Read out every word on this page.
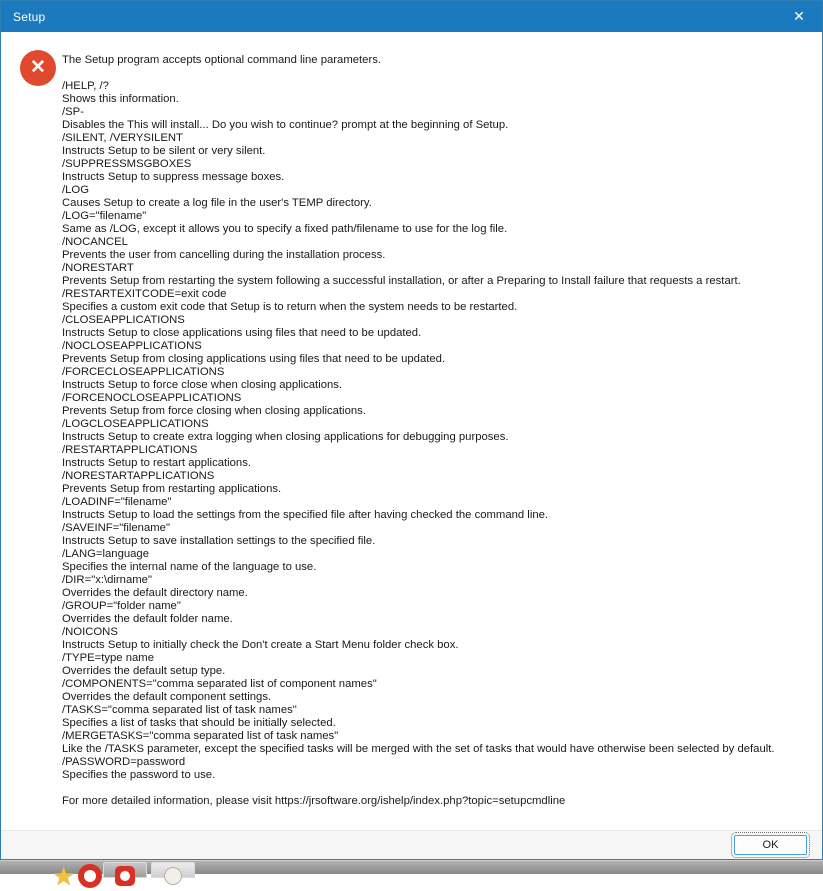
Setup	✕
✕	The Setup program accepts optional command line parameters.
/HELP, /?
Shows this information.
/SP-
Disables the This will install... Do you wish to continue? prompt at the beginning of Setup.
/SILENT, /VERYSILENT
Instructs Setup to be silent or very silent.
/SUPPRESSMSGBOXES
Instructs Setup to suppress message boxes.
/LOG
Causes Setup to create a log file in the user's TEMP directory.
/LOG="filename"
Same as /LOG, except it allows you to specify a fixed path/filename to use for the log file.
/NOCANCEL
Prevents the user from cancelling during the installation process.
/NORESTART
Prevents Setup from restarting the system following a successful installation, or after a Preparing to Install failure that requests a restart.
/RESTARTEXITCODE=exit code
Specifies a custom exit code that Setup is to return when the system needs to be restarted.
/CLOSEAPPLICATIONS
Instructs Setup to close applications using files that need to be updated.
/NOCLOSEAPPLICATIONS
Prevents Setup from closing applications using files that need to be updated.
/FORCECLOSEAPPLICATIONS
Instructs Setup to force close when closing applications.
/FORCENOCLOSEAPPLICATIONS
Prevents Setup from force closing when closing applications.
/LOGCLOSEAPPLICATIONS
Instructs Setup to create extra logging when closing applications for debugging purposes.
/RESTARTAPPLICATIONS
Instructs Setup to restart applications.
/NORESTARTAPPLICATIONS
Prevents Setup from restarting applications.
/LOADINF="filename"
Instructs Setup to load the settings from the specified file after having checked the command line.
/SAVEINF="filename"
Instructs Setup to save installation settings to the specified file.
/LANG=language
Specifies the internal name of the language to use.
/DIR="x:\dirname"
Overrides the default directory name.
/GROUP="folder name"
Overrides the default folder name.
/NOICONS
Instructs Setup to initially check the Don't create a Start Menu folder check box.
/TYPE=type name
Overrides the default setup type.
/COMPONENTS="comma separated list of component names"
Overrides the default component settings.
/TASKS="comma separated list of task names"
Specifies a list of tasks that should be initially selected.
/MERGETASKS="comma separated list of task names"
Like the /TASKS parameter, except the specified tasks will be merged with the set of tasks that would have otherwise been selected by default.
/PASSWORD=password
Specifies the password to use.
For more detailed information, please visit https://jrsoftware.org/ishelp/index.php?topic=setupcmdline
OK
★
